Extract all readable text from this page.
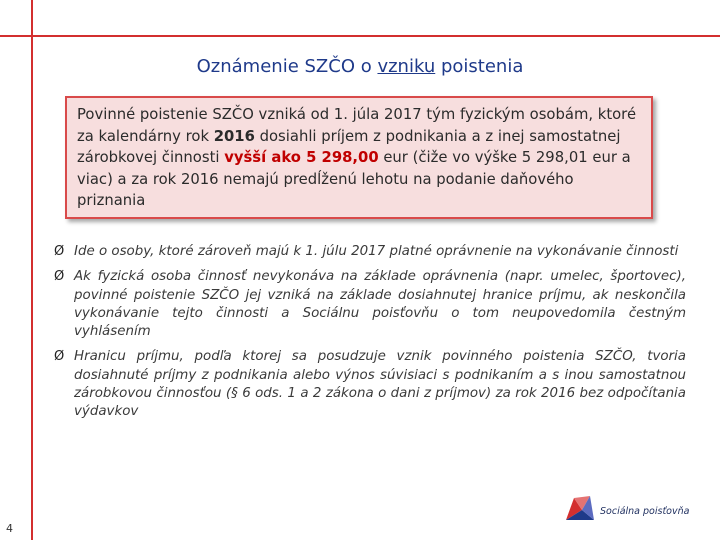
Oznámenie SZČO o vzniku poistenia
Povinné poistenie SZČO vzniká od 1. júla 2017 tým fyzickým osobám, ktoré za kalendárny rok 2016 dosiahli príjem z podnikania a z inej samostatnej zárobkovej činnosti vyšší ako 5 298,00 eur (čiže vo výške 5 298,01 eur a viac) a za rok 2016 nemajú predĺženú lehotu na podanie daňového priznania
Ø Ide o osoby, ktoré zároveň majú k 1. júlu 2017 platné oprávnenie na vykonávanie činnosti
Ø Ak fyzická osoba činnosť nevykonáva na základe oprávnenia (napr. umelec, športovec), povinné poistenie SZČO jej vzniká na základe dosiahnutej hranice príjmu, ak neskončila vykonávanie tejto činnosti a Sociálnu poisťovňu o tom neupovedomila čestným vyhlásením
Ø Hranicu príjmu, podľa ktorej sa posudzuje vznik povinného poistenia SZČO, tvoria dosiahnuté príjmy z podnikania alebo výnos súvisiaci s podnikaním a s inou samostatnou zárobkovou činnosťou (§ 6 ods. 1 a 2 zákona o dani z príjmov) za rok 2016 bez odpočítania výdavkov
4
Sociálna poisťovňa
